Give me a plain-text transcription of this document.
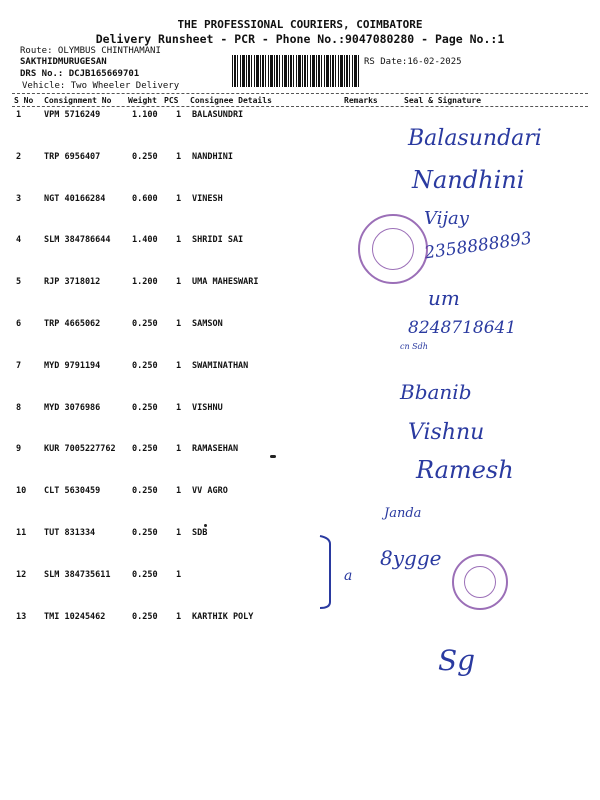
THE PROFESSIONAL COURIERS, COIMBATORE
Delivery Runsheet - PCR - Phone No.:9047080280 - Page No.:1
Route: OLYMBUS CHINTHAMANI
SAKTHIDMURUGESAN
DRS No.: DCJB165669701
Vehicle: Two Wheeler Delivery
RS Date:16-02-2025
S No Consignment No Weight PCS Consignee Details	Remarks	Seal & Signature
1	VPM 5716249	1.100 1 BALASUNDRI
2	TRP 6956407	0.250 1 NANDHINI
3	NGT 40166284	0.600 1 VINESH
4	SLM 384786644	1.400 1 SHRIDI SAI
5	RJP 3718012	1.200 1 UMA MAHESWARI
6	TRP 4665062	0.250 1 SAMSON
7	MYD 9791194	0.250 1 SWAMINATHAN
8	MYD 3076986	0.250 1 VISHNU
9	KUR 7005227762 0.250 1 RAMASEHAN
10 CLT 5630459	0.250 1 VV AGRO
11 TUT 831334	0.250 1 SDB
12 SLM 384735611	0.250 1
13 TMI 10245462	0.250 1 KARTHIK POLY
Balasundari
Nandhini
Vijay
2358888893
um
8248718641
cn Sdh
Bbanib
Vishnu
Ramesh
Janda
8ygge
a
Sg
